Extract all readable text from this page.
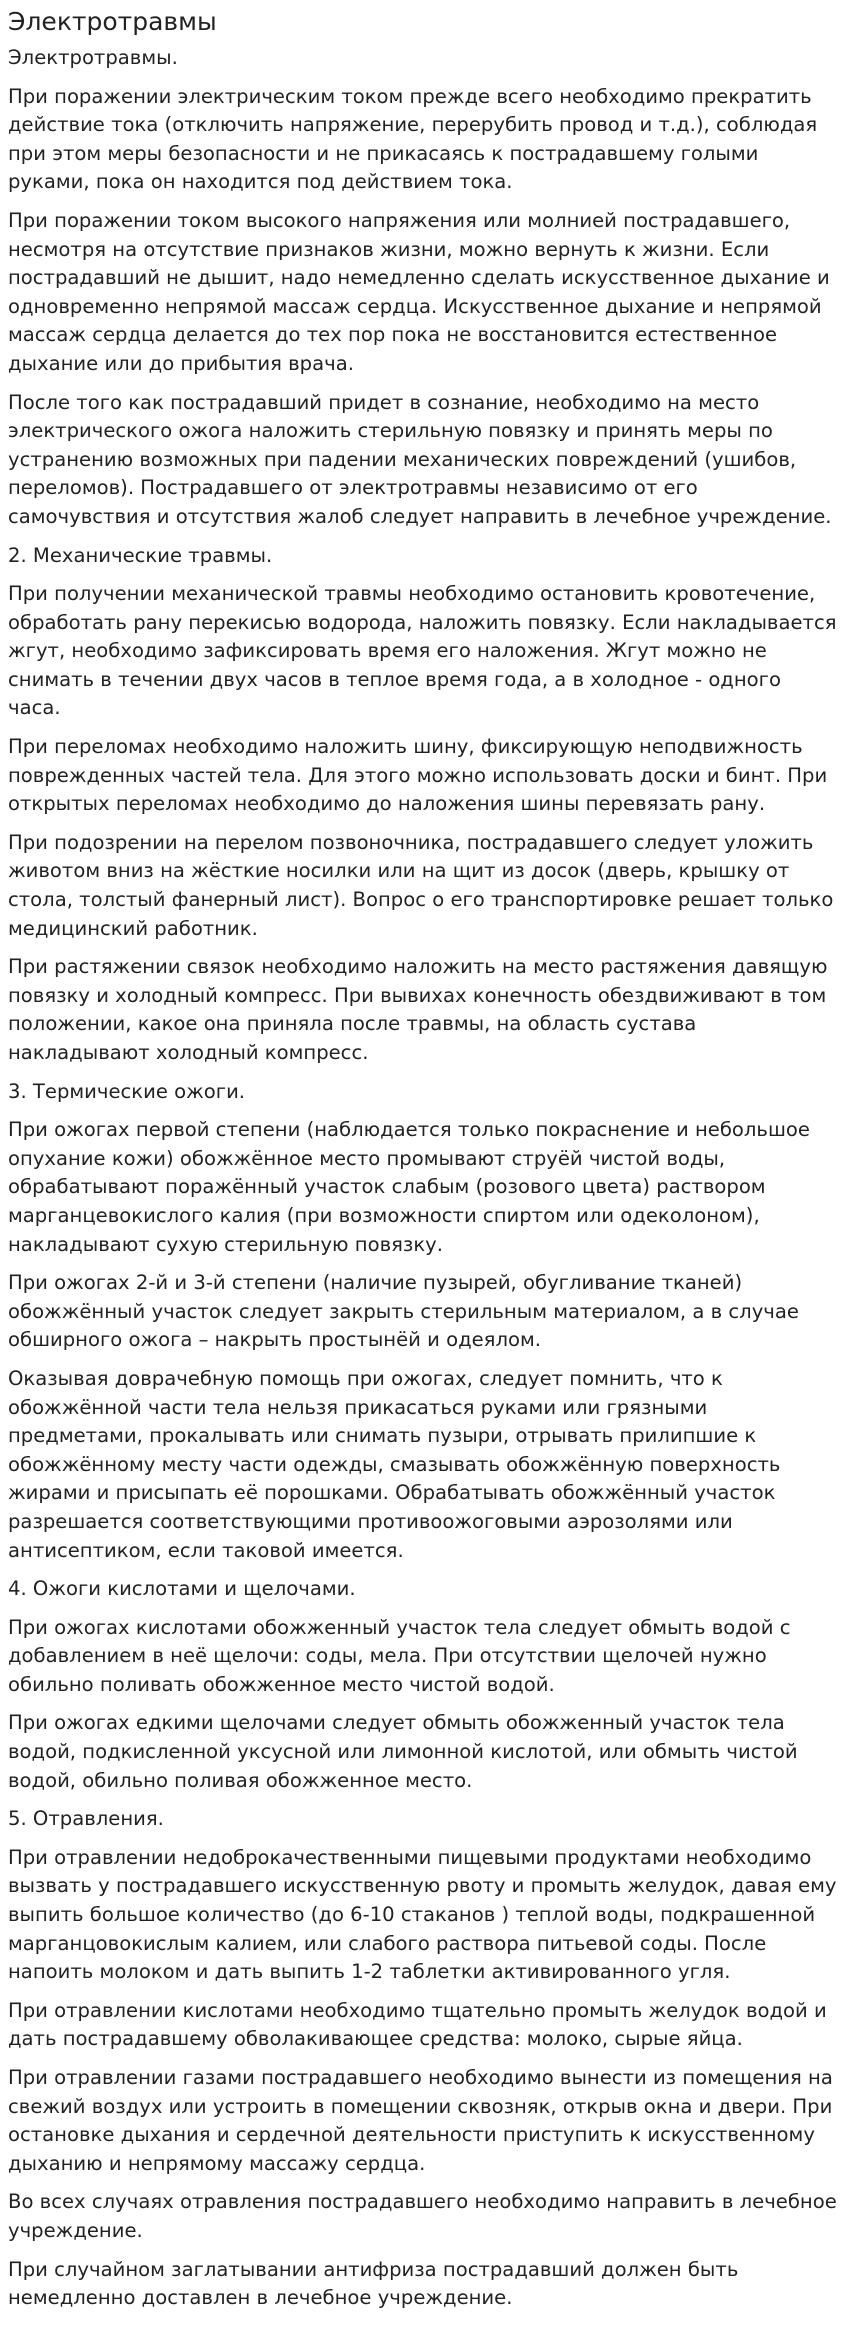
Электротравмы

Электротравмы.

При поражении электрическим током прежде всего необходимо прекратить действие тока (отключить напряжение, перерубить провод и т.д.), соблюдая при этом меры безопасности и не прикасаясь к пострадавшему голыми руками, пока он находится под действием тока.

При поражении током высокого напряжения или молнией пострадавшего, несмотря на отсутствие признаков жизни, можно вернуть к жизни. Если пострадавший не дышит, надо немедленно сделать искусственное дыхание и одновременно непрямой массаж сердца. Искусственное дыхание и непрямой массаж сердца делается до тех пор пока не восстановится естественное дыхание или до прибытия врача.

После того как пострадавший придет в сознание, необходимо на место электрического ожога наложить стерильную повязку и принять меры по устранению возможных при падении механических повреждений (ушибов, переломов). Пострадавшего от электротравмы независимо от его самочувствия и отсутствия жалоб следует направить в лечебное учреждение.

2. Механические травмы.

При получении механической травмы необходимо остановить кровотечение, обработать рану перекисью водорода, наложить повязку. Если накладывается жгут, необходимо зафиксировать время его наложения. Жгут можно не снимать в течении двух часов в теплое время года, а в холодное - одного часа.

При переломах необходимо наложить шину, фиксирующую неподвижность поврежденных частей тела. Для этого можно использовать доски и бинт. При открытых переломах необходимо до наложения шины перевязать рану.

При подозрении на перелом позвоночника, пострадавшего следует уложить животом вниз на жёсткие носилки или на щит из досок (дверь, крышку от стола, толстый фанерный лист). Вопрос о его транспортировке решает только медицинский работник.

При растяжении связок необходимо наложить на место растяжения давящую повязку и холодный компресс. При вывихах конечность обездвиживают в том положении, какое она приняла после травмы, на область сустава накладывают холодный компресс.

3. Термические ожоги.

При ожогах первой степени (наблюдается только покраснение и небольшое опухание кожи) обожжённое место промывают струёй чистой воды, обрабатывают поражённый участок слабым (розового цвета) раствором марганцевокислого калия (при возможности спиртом или одеколоном), накладывают сухую стерильную повязку.

При ожогах 2-й и 3-й степени (наличие пузырей, обугливание тканей) обожжённый участок следует закрыть стерильным материалом, а в случае обширного ожога – накрыть простынёй и одеялом.

Оказывая доврачебную помощь при ожогах, следует помнить, что к обожжённой части тела нельзя прикасаться руками или грязными предметами, прокалывать или снимать пузыри, отрывать прилипшие к обожжённому месту части одежды, смазывать обожжённую поверхность жирами и присыпать её порошками. Обрабатывать обожжённый участок разрешается соответствующими противоожоговыми аэрозолями или антисептиком, если таковой имеется.

4. Ожоги кислотами и щелочами.

При ожогах кислотами обожженный участок тела следует обмыть водой с добавлением в неё щелочи: соды, мела. При отсутствии щелочей нужно обильно поливать обожженное место чистой водой.

При ожогах едкими щелочами следует обмыть обожженный участок тела водой, подкисленной уксусной или лимонной кислотой, или обмыть чистой водой, обильно поливая обожженное место.

5. Отравления.

При отравлении недоброкачественными пищевыми продуктами необходимо вызвать у пострадавшего искусственную рвоту и промыть желудок, давая ему выпить большое количество (до 6-10 стаканов ) теплой воды, подкрашенной марганцовокислым калием, или слабого раствора питьевой соды. После напоить молоком и дать выпить 1-2 таблетки активированного угля.

При отравлении кислотами необходимо тщательно промыть желудок водой и дать пострадавшему обволакивающее средства: молоко, сырые яйца.

При отравлении газами пострадавшего необходимо вынести из помещения на свежий воздух или устроить в помещении сквозняк, открыв окна и двери. При остановке дыхания и сердечной деятельности приступить к искусственному дыханию и непрямому массажу сердца.

Во всех случаях отравления пострадавшего необходимо направить в лечебное учреждение.

При случайном заглатывании антифриза пострадавший должен быть немедленно доставлен в лечебное учреждение.
